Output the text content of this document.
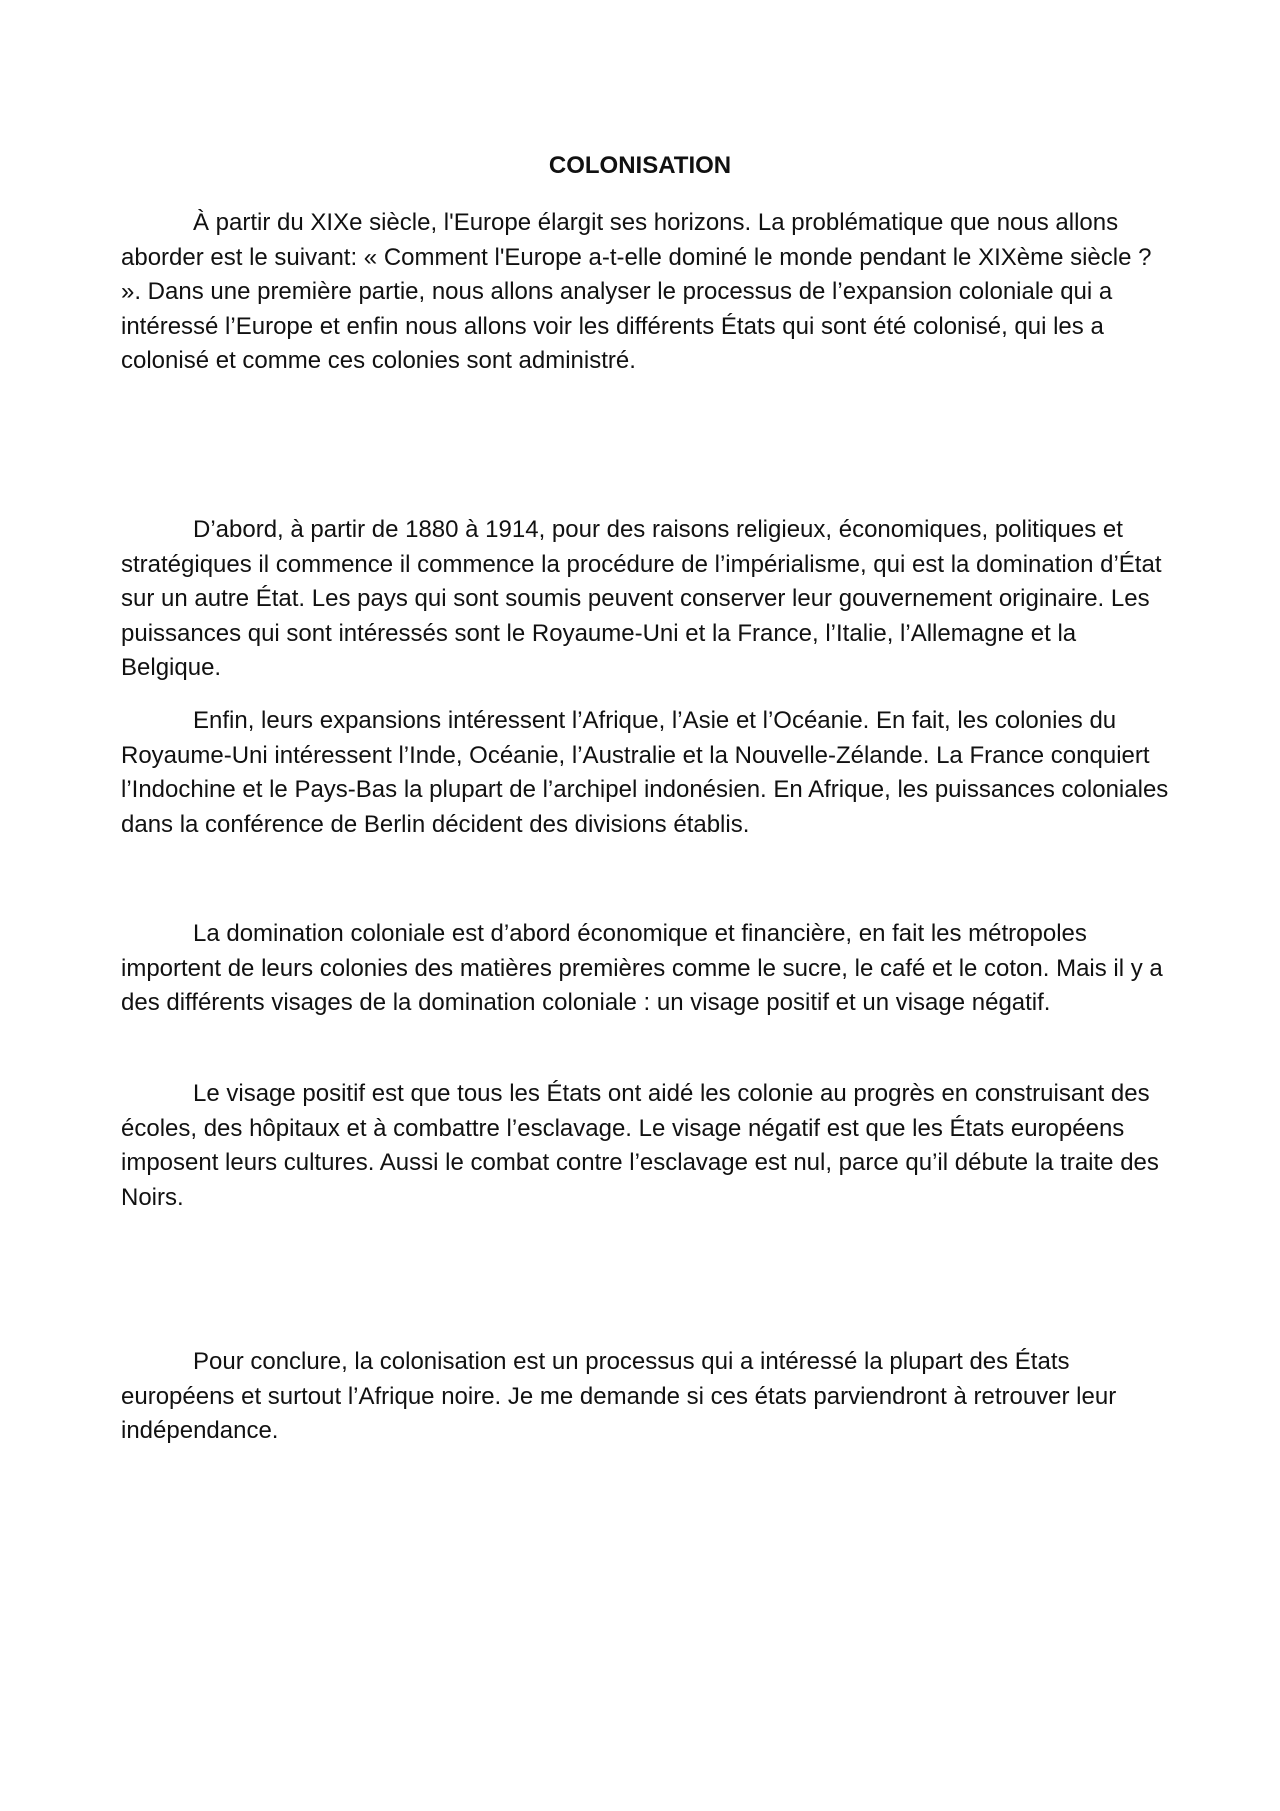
COLONISATION

À partir du XIXe siècle, l'Europe élargit ses horizons. La problématique que nous allons aborder est le suivant: « Comment l'Europe a-t-elle dominé le monde pendant le XIXème siècle ? ». Dans une première partie, nous allons analyser le processus de l’expansion coloniale qui a intéressé l’Europe et enfin nous allons voir les différents États qui sont été colonisé, qui les a colonisé et comme ces colonies sont administré.

D’abord, à partir de 1880 à 1914, pour des raisons religieux, économiques, politiques et stratégiques il commence il commence la procédure de l’impérialisme, qui est la domination d’État sur un autre État. Les pays qui sont soumis peuvent conserver leur gouvernement originaire. Les puissances qui sont intéressés sont le Royaume-Uni et la France, l’Italie, l’Allemagne et la Belgique.

Enfin, leurs expansions intéressent l’Afrique, l’Asie et l’Océanie. En fait, les colonies du Royaume-Uni intéressent l’Inde, Océanie, l’Australie et la Nouvelle-Zélande. La France conquiert l’Indochine et le Pays-Bas la plupart de l’archipel indonésien. En Afrique, les puissances coloniales dans la conférence de Berlin décident des divisions établis.

La domination coloniale est d’abord économique et financière, en fait les métropoles importent de leurs colonies des matières premières comme le sucre, le café et le coton. Mais il y a des différents visages de la domination coloniale : un visage positif et un visage négatif.

Le visage positif est que tous les États ont aidé les colonie au progrès en construisant des écoles, des hôpitaux et à combattre l’esclavage. Le visage négatif est que les États européens imposent leurs cultures. Aussi le combat contre l’esclavage est nul, parce qu’il débute la traite des Noirs.

Pour conclure, la colonisation est un processus qui a intéressé la plupart des États européens et surtout l’Afrique noire. Je me demande si ces états parviendront à retrouver leur indépendance.
